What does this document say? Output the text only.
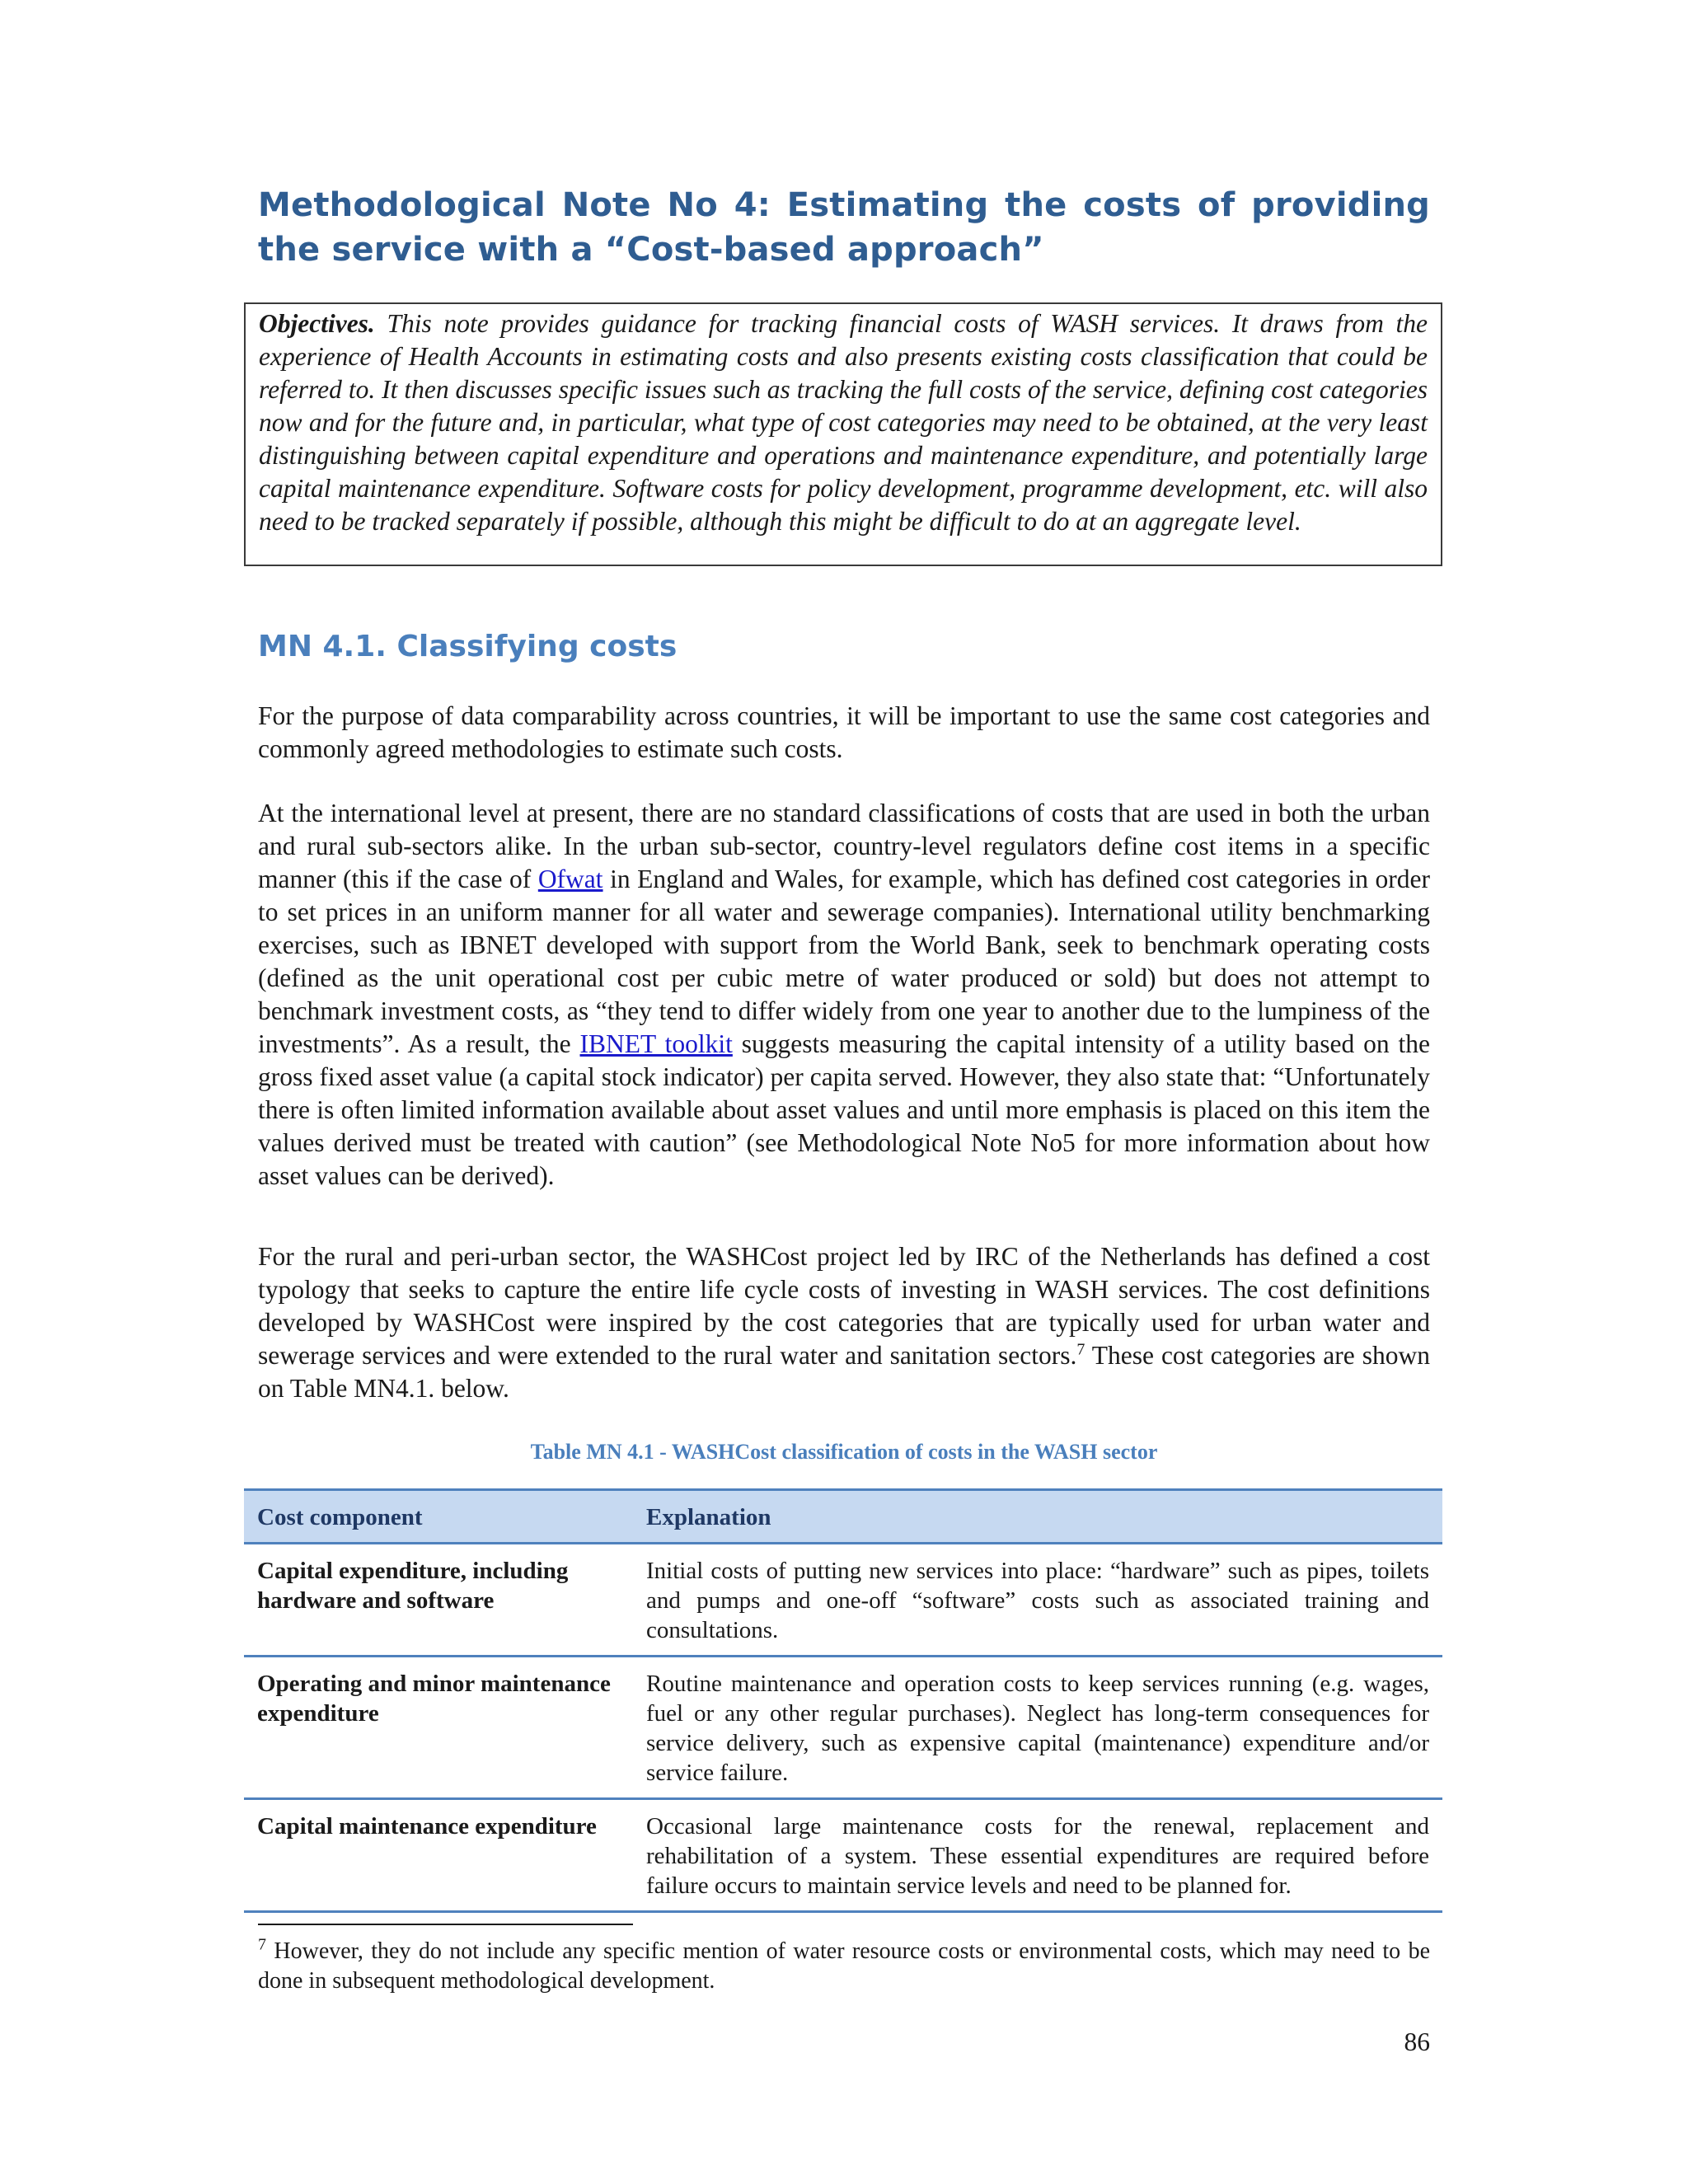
Methodological Note No 4: Estimating the costs of providing the service with a “Cost-based approach”
Objectives. This note provides guidance for tracking financial costs of WASH services. It draws from the experience of Health Accounts in estimating costs and also presents existing costs classification that could be referred to. It then discusses specific issues such as tracking the full costs of the service, defining cost categories now and for the future and, in particular, what type of cost categories may need to be obtained, at the very least distinguishing between capital expenditure and operations and maintenance expenditure, and potentially large capital maintenance expenditure. Software costs for policy development, programme development, etc. will also need to be tracked separately if possible, although this might be difficult to do at an aggregate level.
MN 4.1. Classifying costs

For the purpose of data comparability across countries, it will be important to use the same cost categories and commonly agreed methodologies to estimate such costs.

At the international level at present, there are no standard classifications of costs that are used in both the urban and rural sub-sectors alike. In the urban sub-sector, country-level regulators define cost items in a specific manner (this if the case of Ofwat in England and Wales, for example, which has defined cost categories in order to set prices in an uniform manner for all water and sewerage companies). International utility benchmarking exercises, such as IBNET developed with support from the World Bank, seek to benchmark operating costs (defined as the unit operational cost per cubic metre of water produced or sold) but does not attempt to benchmark investment costs, as “they tend to differ widely from one year to another due to the lumpiness of the investments”. As a result, the IBNET toolkit suggests measuring the capital intensity of a utility based on the gross fixed asset value (a capital stock indicator) per capita served. However, they also state that: “Unfortunately there is often limited information available about asset values and until more emphasis is placed on this item the values derived must be treated with caution” (see Methodological Note No5 for more information about how asset values can be derived).

For the rural and peri-urban sector, the WASHCost project led by IRC of the Netherlands has defined a cost typology that seeks to capture the entire life cycle costs of investing in WASH services. The cost definitions developed by WASHCost were inspired by the cost categories that are typically used for urban water and sewerage services and were extended to the rural water and sanitation sectors.$^7$ These cost categories are shown on Table MN4.1. below.

Table MN 4.1 - WASHCost classification of costs in the WASH sector
Cost component	Explanation
Capital expenditure, including hardware and software	Initial costs of putting new services into place: “hardware” such as pipes, toilets and pumps and one-off “software” costs such as associated training and consultations.
Operating and minor maintenance expenditure	Routine maintenance and operation costs to keep services running (e.g. wages, fuel or any other regular purchases). Neglect has long-term consequences for service delivery, such as expensive capital (maintenance) expenditure and/or service failure.
Capital maintenance expenditure	Occasional large maintenance costs for the renewal, replacement and rehabilitation of a system. These essential expenditures are required before failure occurs to maintain service levels and need to be planned for.
$^7$ However, they do not include any specific mention of water resource costs or environmental costs, which may need to be done in subsequent methodological development.
86
